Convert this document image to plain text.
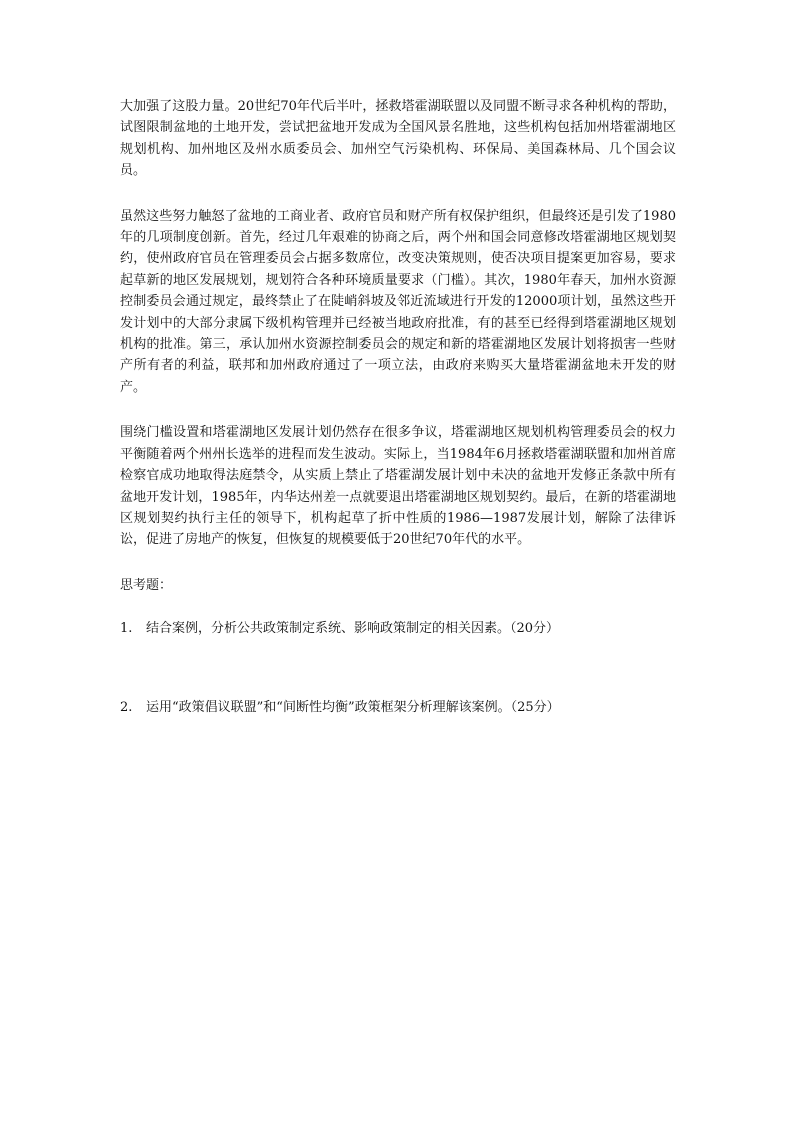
大加强了这股力量。20世纪70年代后半叶，拯救塔霍湖联盟以及同盟不断寻求各种机构的帮助，试图限制盆地的土地开发，尝试把盆地开发成为全国风景名胜地，这些机构包括加州塔霍湖地区规划机构、加州地区及州水质委员会、加州空气污染机构、环保局、美国森林局、几个国会议员。

虽然这些努力触怒了盆地的工商业者、政府官员和财产所有权保护组织，但最终还是引发了1980年的几项制度创新。首先，经过几年艰难的协商之后，两个州和国会同意修改塔霍湖地区规划契约，使州政府官员在管理委员会占据多数席位，改变决策规则，使否决项目提案更加容易，要求起草新的地区发展规划，规划符合各种环境质量要求（门槛）。其次，1980年春天，加州水资源控制委员会通过规定，最终禁止了在陡峭斜坡及邻近流域进行开发的12000项计划，虽然这些开发计划中的大部分隶属下级机构管理并已经被当地政府批准，有的甚至已经得到塔霍湖地区规划机构的批准。第三，承认加州水资源控制委员会的规定和新的塔霍湖地区发展计划将损害一些财产所有者的利益，联邦和加州政府通过了一项立法，由政府来购买大量塔霍湖盆地未开发的财产。

围绕门槛设置和塔霍湖地区发展计划仍然存在很多争议，塔霍湖地区规划机构管理委员会的权力平衡随着两个州州长选举的进程而发生波动。实际上，当1984年6月拯救塔霍湖联盟和加州首席检察官成功地取得法庭禁令，从实质上禁止了塔霍湖发展计划中未决的盆地开发修正条款中所有盆地开发计划，1985年，内华达州差一点就要退出塔霍湖地区规划契约。最后，在新的塔霍湖地区规划契约执行主任的领导下，机构起草了折中性质的1986—1987发展计划，解除了法律诉讼，促进了房地产的恢复，但恢复的规模要低于20世纪70年代的水平。

思考题：

1.	结合案例，分析公共政策制定系统、影响政策制定的相关因素。（20分）
2.	运用“政策倡议联盟”和“间断性均衡”政策框架分析理解该案例。（25分）
